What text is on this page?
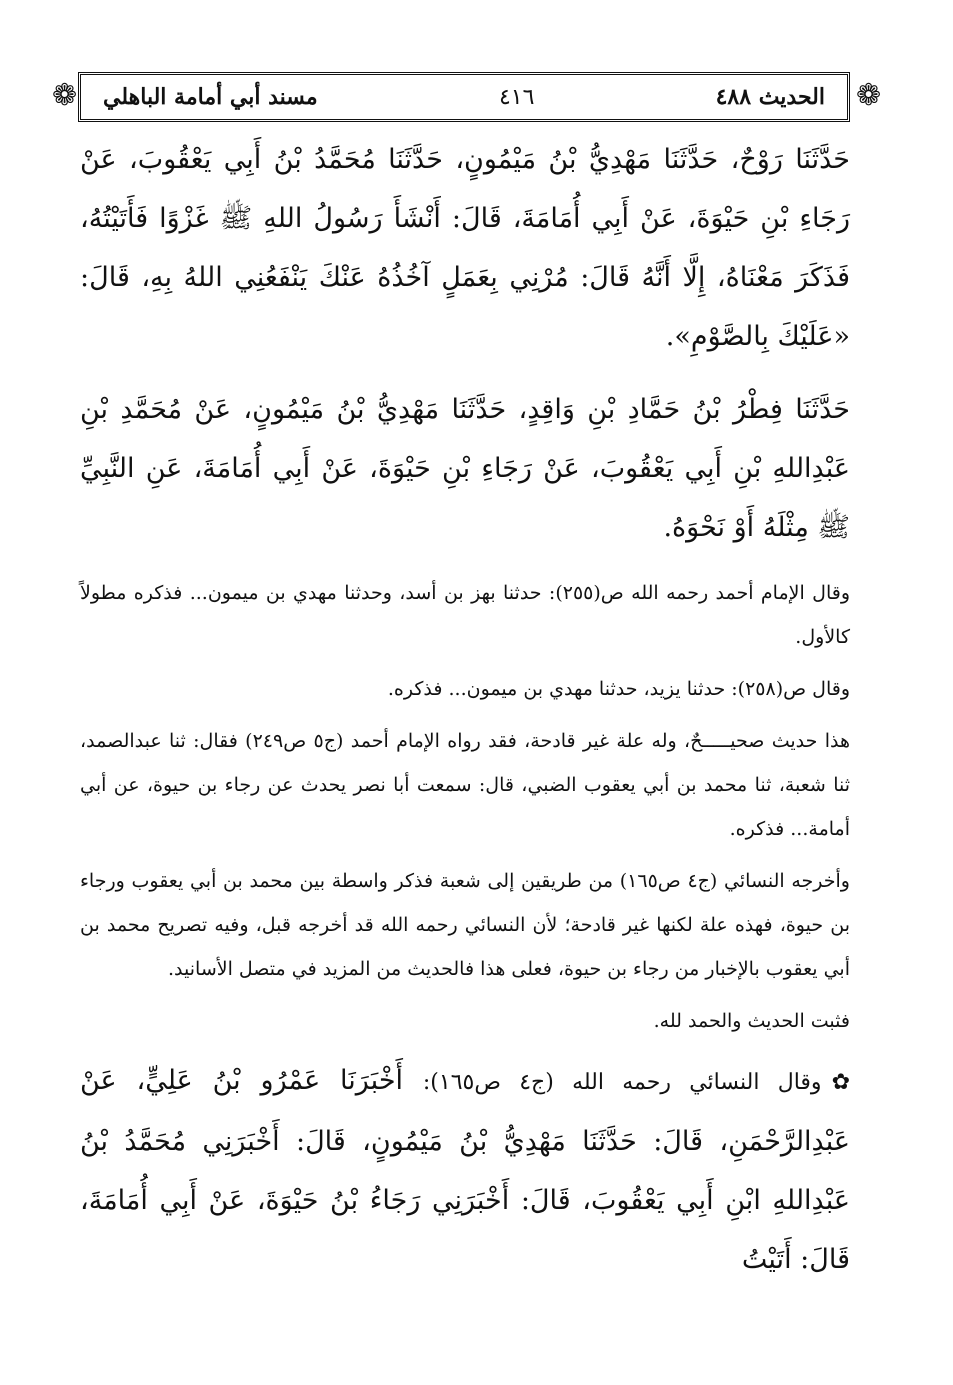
❁	الحديث ٤٨٨
٤١٦
مسند أبي أمامة الباهلي	❁

حَدَّثَنَا رَوْحٌ، حَدَّثَنَا مَهْدِيُّ بْنُ مَيْمُونٍ، حَدَّثَنَا مُحَمَّدُ بْنُ أَبِي يَعْقُوبَ، عَنْ رَجَاءِ بْنِ حَيْوَةَ، عَنْ أَبِي أُمَامَةَ، قَالَ: أَنْشَأَ رَسُولُ اللهِ ﷺ غَزْوًا فَأَتَيْتُهُ، فَذَكَرَ مَعْنَاهُ، إِلَّا أَنَّهُ قَالَ: مُرْنِي بِعَمَلٍ آخُذُهُ عَنْكَ يَنْفَعُنِي اللهُ بِهِ، قَالَ: «عَلَيْكَ بِالصَّوْمِ».

حَدَّثَنَا فِطْرُ بْنُ حَمَّادِ بْنِ وَاقِدٍ، حَدَّثَنَا مَهْدِيُّ بْنُ مَيْمُونٍ، عَنْ مُحَمَّدِ بْنِ عَبْدِاللهِ بْنِ أَبِي يَعْقُوبَ، عَنْ رَجَاءِ بْنِ حَيْوَةَ، عَنْ أَبِي أُمَامَةَ، عَنِ النَّبِيِّ ﷺ مِثْلَهُ أَوْ نَحْوَهُ.

وقال الإمام أحمد رحمه الله ص(٢٥٥): حدثنا بهز بن أسد، وحدثنا مهدي بن ميمون... فذكره مطولاً كالأول.

وقال ص(٢٥٨): حدثنا يزيد، حدثنا مهدي بن ميمون... فذكره.

هذا حديث صحيـــــحٌ، وله علة غير قادحة، فقد رواه الإمام أحمد (ج٥ ص٢٤٩) فقال: ثنا عبدالصمد، ثنا شعبة، ثنا محمد بن أبي يعقوب الضبي، قال: سمعت أبا نصر يحدث عن رجاء بن حيوة، عن أبي أمامة... فذكره.

وأخرجه النسائي (ج٤ ص١٦٥) من طريقين إلى شعبة فذكر واسطة بين محمد بن أبي يعقوب ورجاء بن حيوة، فهذه علة لكنها غير قادحة؛ لأن النسائي رحمه الله قد أخرجه قبل، وفيه تصريح محمد بن أبي يعقوب بالإخبار من رجاء بن حيوة، فعلى هذا فالحديث من المزيد في متصل الأسانيد.

فثبت الحديث والحمد لله.

✿وقال النسائي رحمه الله (ج٤ ص١٦٥): أَخْبَرَنَا عَمْرُو بْنُ عَلِيٍّ، عَنْ عَبْدِالرَّحْمَنِ، قَالَ: حَدَّثَنَا مَهْدِيُّ بْنُ مَيْمُونٍ، قَالَ: أَخْبَرَنِي مُحَمَّدُ بْنُ عَبْدِاللهِ ابْنِ أَبِي يَعْقُوبَ، قَالَ: أَخْبَرَنِي رَجَاءُ بْنُ حَيْوَةَ، عَنْ أَبِي أُمَامَةَ، قَالَ: أَتَيْتُ
